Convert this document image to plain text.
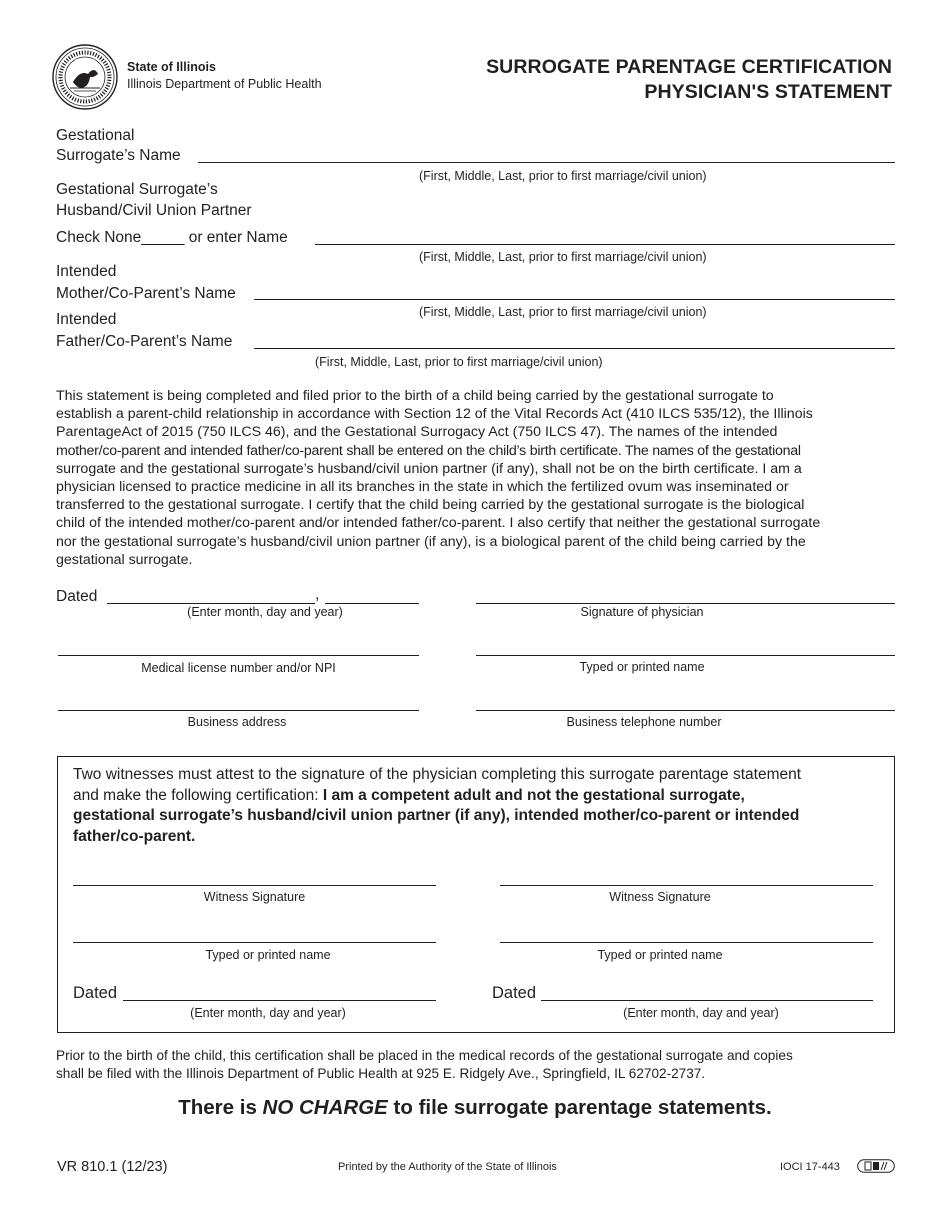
State of Illinois
Illinois Department of Public Health
SURROGATE PARENTAGE CERTIFICATION
PHYSICIAN'S STATEMENT
Gestational
Surrogate’s Name
(First, Middle, Last, prior to first marriage/civil union)
Gestational Surrogate’s
Husband/Civil Union Partner
Check None_____ or enter Name
(First, Middle, Last, prior to first marriage/civil union)
Intended
Mother/Co-Parent’s Name
(First, Middle, Last, prior to first marriage/civil union)
Intended
Father/Co-Parent’s Name
(First, Middle, Last, prior to first marriage/civil union)
This statement is being completed and filed prior to the birth of a child being carried by the gestational surrogate to
establish a parent-child relationship in accordance with Section 12 of the Vital Records Act (410 ILCS 535/12), the Illinois
ParentageAct of 2015 (750 ILCS 46), and the Gestational Surrogacy Act (750 ILCS 47). The names of the intended
mother/co-parent and intended father/co-parent shall be entered on the child’s birth certificate. The names of the gestational
surrogate and the gestational surrogate’s husband/civil union partner (if any), shall not be on the birth certificate. I am a
physician licensed to practice medicine in all its branches in the state in which the fertilized ovum was inseminated or
transferred to the gestational surrogate. I certify that the child being carried by the gestational surrogate is the biological
child of the intended mother/co-parent and/or intended father/co-parent. I also certify that neither the gestational surrogate
nor the gestational surrogate’s husband/civil union partner (if any), is a biological parent of the child being carried by the
gestational surrogate.
Dated	,
(Enter month, day and year)	Signature of physician
Medical license number and/or NPI	Typed or printed name
Business address	Business telephone number
Two witnesses must attest to the signature of the physician completing this surrogate parentage statement
and make the following certification: I am a competent adult and not the gestational surrogate,
gestational surrogate’s husband/civil union partner (if any), intended mother/co-parent or intended
father/co-parent.
Witness Signature	Witness Signature
Typed or printed name	Typed or printed name
Dated
(Enter month, day and year)
Dated
(Enter month, day and year)
Prior to the birth of the child, this certification shall be placed in the medical records of the gestational surrogate and copies
shall be filed with the Illinois Department of Public Health at 925 E. Ridgely Ave., Springfield, IL 62702-2737.
There is NO CHARGE to file surrogate parentage statements.
VR 810.1 (12/23)	Printed by the Authority of the State of Illinois	IOCI 17-443
